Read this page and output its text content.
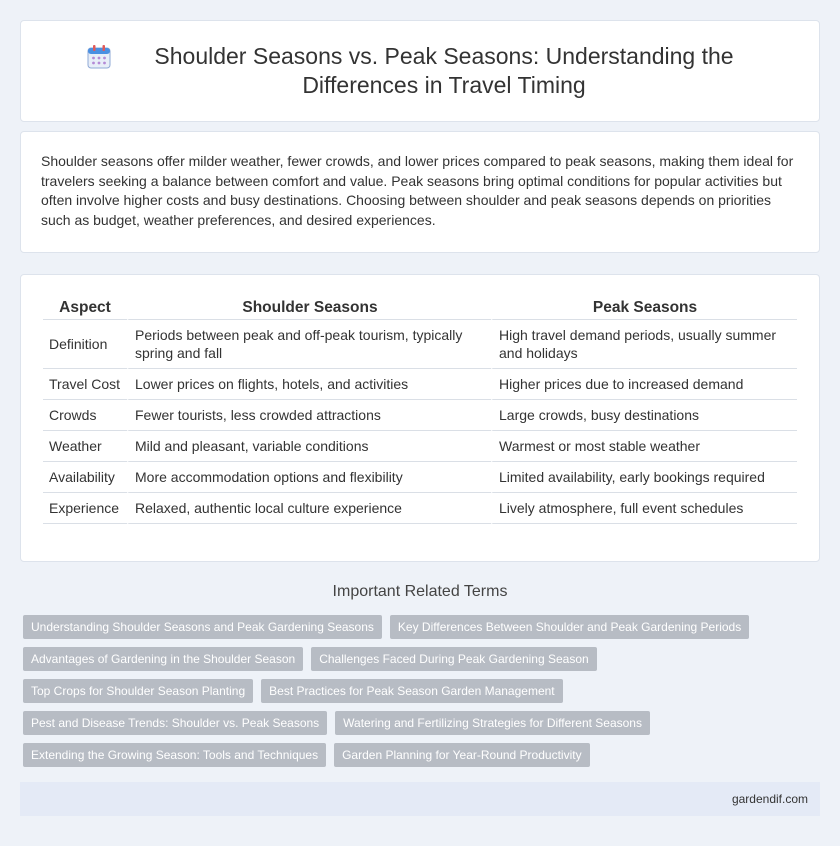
Shoulder Seasons vs. Peak Seasons: Understanding the Differences in Travel Timing

Shoulder seasons offer milder weather, fewer crowds, and lower prices compared to peak seasons, making them ideal for travelers seeking a balance between comfort and value. Peak seasons bring optimal conditions for popular activities but often involve higher costs and busy destinations. Choosing between shoulder and peak seasons depends on priorities such as budget, weather preferences, and desired experiences.

Aspect	Shoulder Seasons	Peak Seasons
Definition	Periods between peak and off-peak tourism, typically spring and fall	High travel demand periods, usually summer and holidays
Travel Cost	Lower prices on flights, hotels, and activities	Higher prices due to increased demand
Crowds	Fewer tourists, less crowded attractions	Large crowds, busy destinations
Weather	Mild and pleasant, variable conditions	Warmest or most stable weather
Availability	More accommodation options and flexibility	Limited availability, early bookings required
Experience	Relaxed, authentic local culture experience	Lively atmosphere, full event schedules
Important Related Terms
Understanding Shoulder Seasons and Peak Gardening Seasons	Key Differences Between Shoulder and Peak Gardening Periods
Advantages of Gardening in the Shoulder Season	Challenges Faced During Peak Gardening Season
Top Crops for Shoulder Season Planting	Best Practices for Peak Season Garden Management
Pest and Disease Trends: Shoulder vs. Peak Seasons	Watering and Fertilizing Strategies for Different Seasons
Extending the Growing Season: Tools and Techniques	Garden Planning for Year-Round Productivity
gardendif.com
